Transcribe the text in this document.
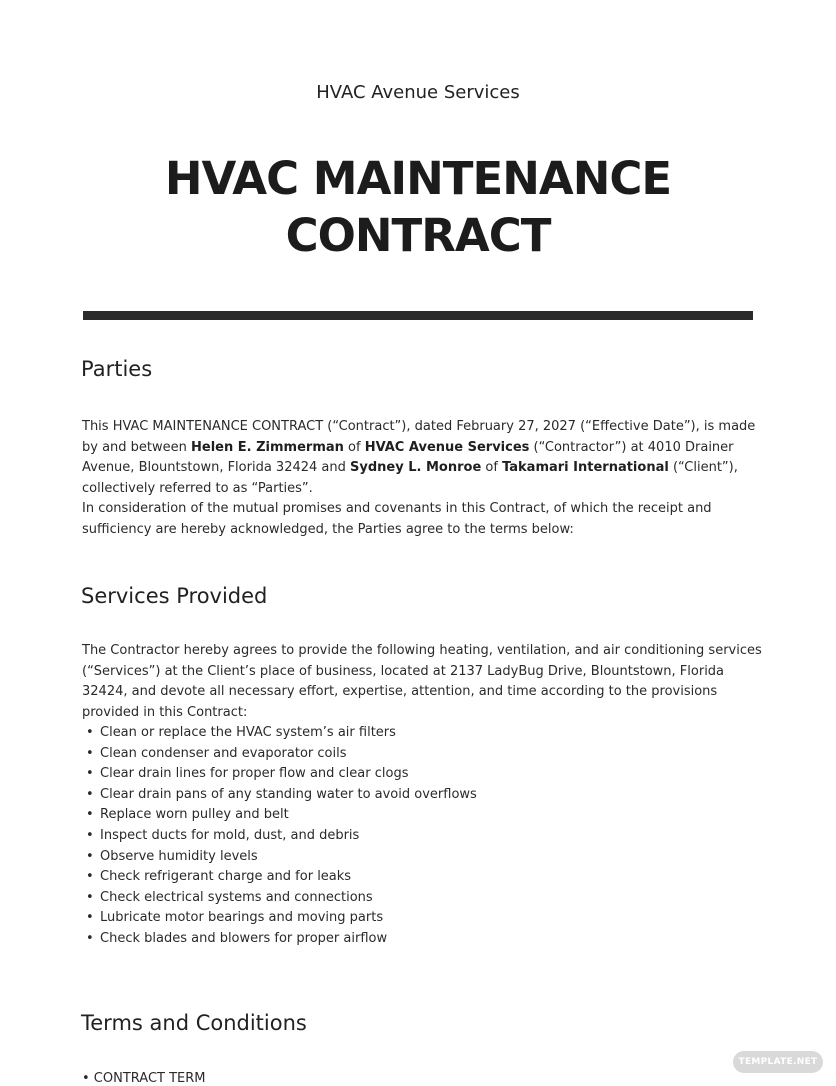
HVAC Avenue Services
HVAC MAINTENANCE
CONTRACT
Parties

This HVAC MAINTENANCE CONTRACT (“Contract”), dated February 27, 2027 (“Effective Date”), is made by and between Helen E. Zimmerman of HVAC Avenue Services (“Contractor”) at 4010 Drainer Avenue, Blountstown, Florida 32424 and Sydney L. Monroe of Takamari International (“Client”), collectively referred to as “Parties”.

In consideration of the mutual promises and covenants in this Contract, of which the receipt and sufficiency are hereby acknowledged, the Parties agree to the terms below:

Services Provided

The Contractor hereby agrees to provide the following heating, ventilation, and air conditioning services (“Services”) at the Client’s place of business, located at 2137 LadyBug Drive, Blountstown, Florida 32424, and devote all necessary effort, expertise, attention, and time according to the provisions provided in this Contract:

• Clean or replace the HVAC system’s air filters
• Clean condenser and evaporator coils
• Clear drain lines for proper flow and clear clogs
• Clear drain pans of any standing water to avoid overflows
• Replace worn pulley and belt
• Inspect ducts for mold, dust, and debris
• Observe humidity levels
• Check refrigerant charge and for leaks
• Check electrical systems and connections
• Lubricate motor bearings and moving parts
• Check blades and blowers for proper airflow
Terms and Conditions
• CONTRACT TERM
TEMPLATE.NET
